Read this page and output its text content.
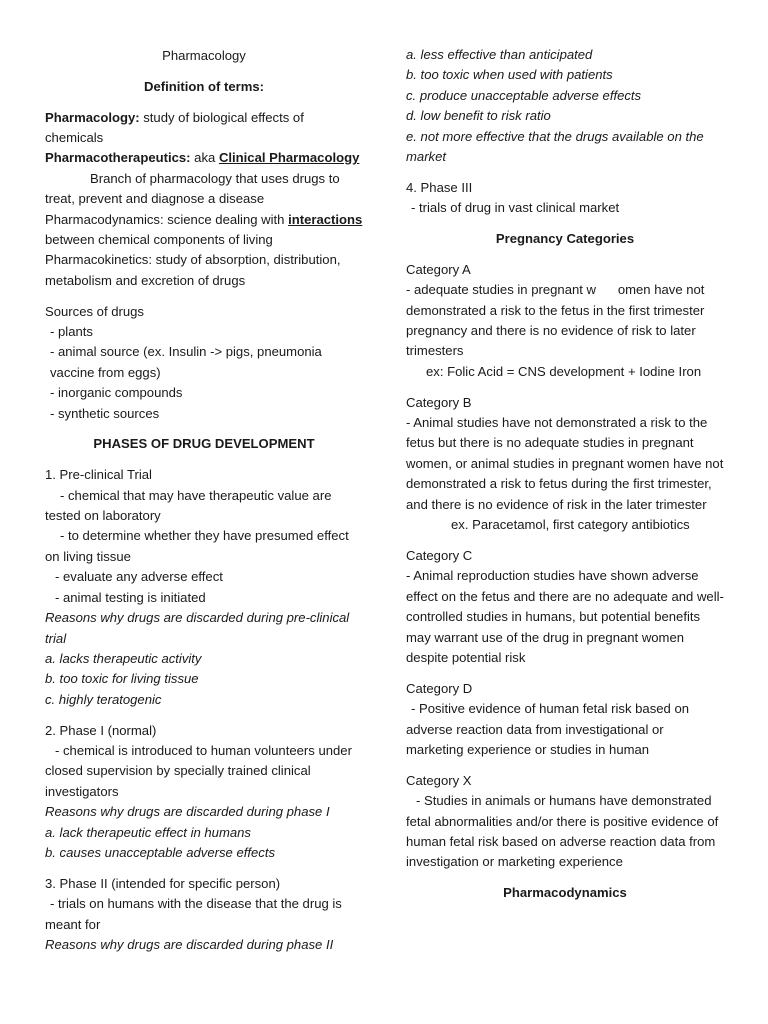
Pharmacology

Definition of terms:

Pharmacology: study of biological effects of chemicals

Pharmacotherapeutics: aka Clinical Pharmacology

Branch of pharmacology that uses drugs to treat, prevent and diagnose a disease

Pharmacodynamics: science dealing with interactions between chemical components of living

Pharmacokinetics: study of absorption, distribution, metabolism and excretion of drugs

Sources of drugs

- plants

- animal source (ex. Insulin -> pigs, pneumonia vaccine from eggs)

- inorganic compounds

- synthetic sources

PHASES OF DRUG DEVELOPMENT

1. Pre-clinical Trial

- chemical that may have therapeutic value are tested on laboratory

- to determine whether they have presumed effect on living tissue

- evaluate any adverse effect

- animal testing is initiated

Reasons why drugs are discarded during pre-clinical trial

a. lacks therapeutic activity

b. too toxic for living tissue

c. highly teratogenic

2. Phase I (normal)

- chemical is introduced to human volunteers under closed supervision by specially trained clinical investigators

Reasons why drugs are discarded during phase I

a. lack therapeutic effect in humans

b. causes unacceptable adverse effects

3. Phase II (intended for specific person)

- trials on humans with the disease that the drug is meant for

Reasons why drugs are discarded during phase II

a. less effective than anticipated

b. too toxic when used with patients

c. produce unacceptable adverse effects

d. low benefit to risk ratio

e. not more effective that the drugs available on the market

4. Phase III

- trials of drug in vast clinical market

Pregnancy Categories

Category A

- adequate studies in pregnant w      omen have not demonstrated a risk to the fetus in the first trimester pregnancy and there is no evidence of risk to later trimesters

ex: Folic Acid = CNS development + Iodine Iron

Category B

- Animal studies have not demonstrated a risk to the fetus but there is no adequate studies in pregnant women, or animal studies in pregnant women have not demonstrated a risk to fetus during the first trimester, and there is no evidence of risk in the later trimester

ex. Paracetamol, first category antibiotics

Category C

- Animal reproduction studies have shown adverse effect on the fetus and there are no adequate and well-controlled studies in humans, but potential benefits may warrant use of the drug in pregnant women despite potential risk

Category D

- Positive evidence of human fetal risk based on adverse reaction data from investigational or marketing experience or studies in human

Category X

- Studies in animals or humans have demonstrated fetal abnormalities and/or there is positive evidence of human fetal risk based on adverse reaction data from investigation or marketing experience

Pharmacodynamics
